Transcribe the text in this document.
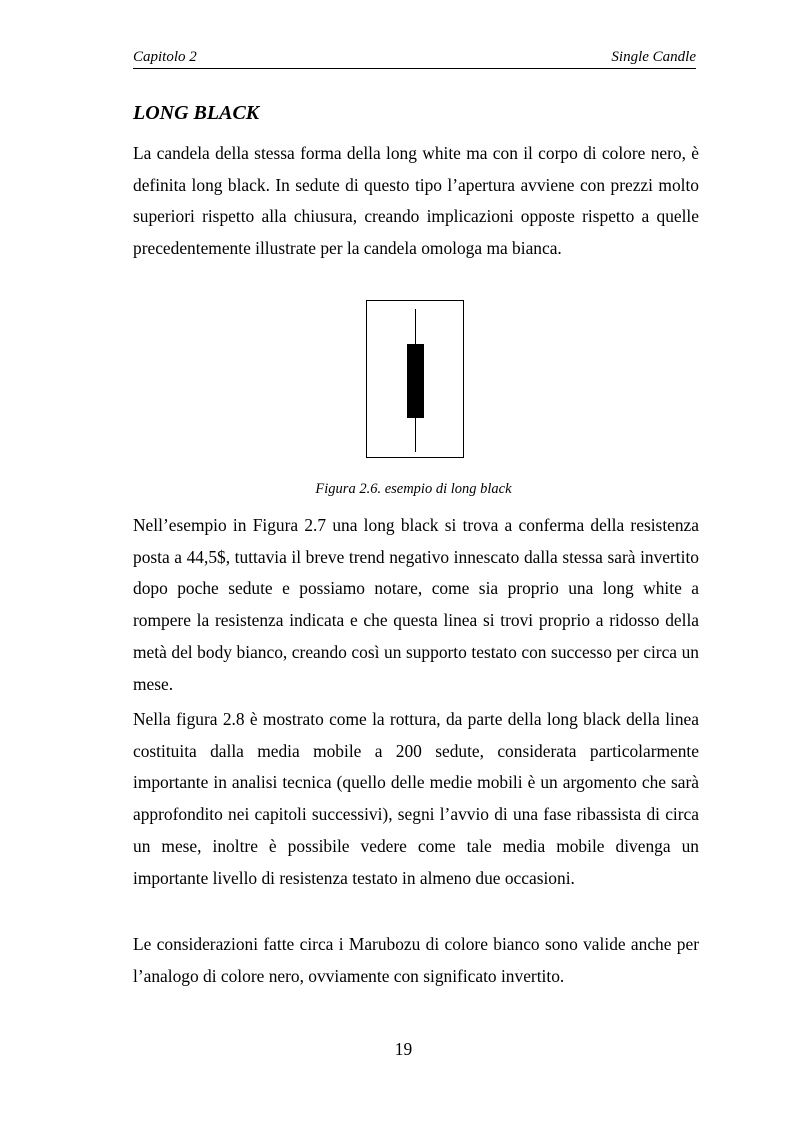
Capitolo 2	Single Candle
LONG BLACK

La candela della stessa forma della long white ma con il corpo di colore nero, è definita long black. In sedute di questo tipo l’apertura avviene con prezzi molto superiori rispetto alla chiusura, creando implicazioni opposte rispetto a quelle precedentemente illustrate per la candela omologa ma bianca.

Figura 2.6. esempio di long black

Nell’esempio in Figura 2.7 una long black si trova a conferma della resistenza posta a 44,5$, tuttavia il breve trend negativo innescato dalla stessa sarà invertito dopo poche sedute e possiamo notare, come sia proprio una long white a rompere la resistenza indicata e che questa linea si trovi proprio a ridosso della metà del body bianco, creando così un supporto testato con successo per circa un mese.

Nella figura 2.8 è mostrato come la rottura, da parte della long black della linea costituita dalla media mobile a 200 sedute, considerata particolarmente importante in analisi tecnica (quello delle medie mobili è un argomento che sarà approfondito nei capitoli successivi), segni l’avvio di una fase ribassista di circa un mese, inoltre è possibile vedere come tale media mobile divenga un importante livello di resistenza testato in almeno due occasioni.

Le considerazioni fatte circa i Marubozu di colore bianco sono valide anche per l’analogo di colore nero, ovviamente con significato invertito.

19
